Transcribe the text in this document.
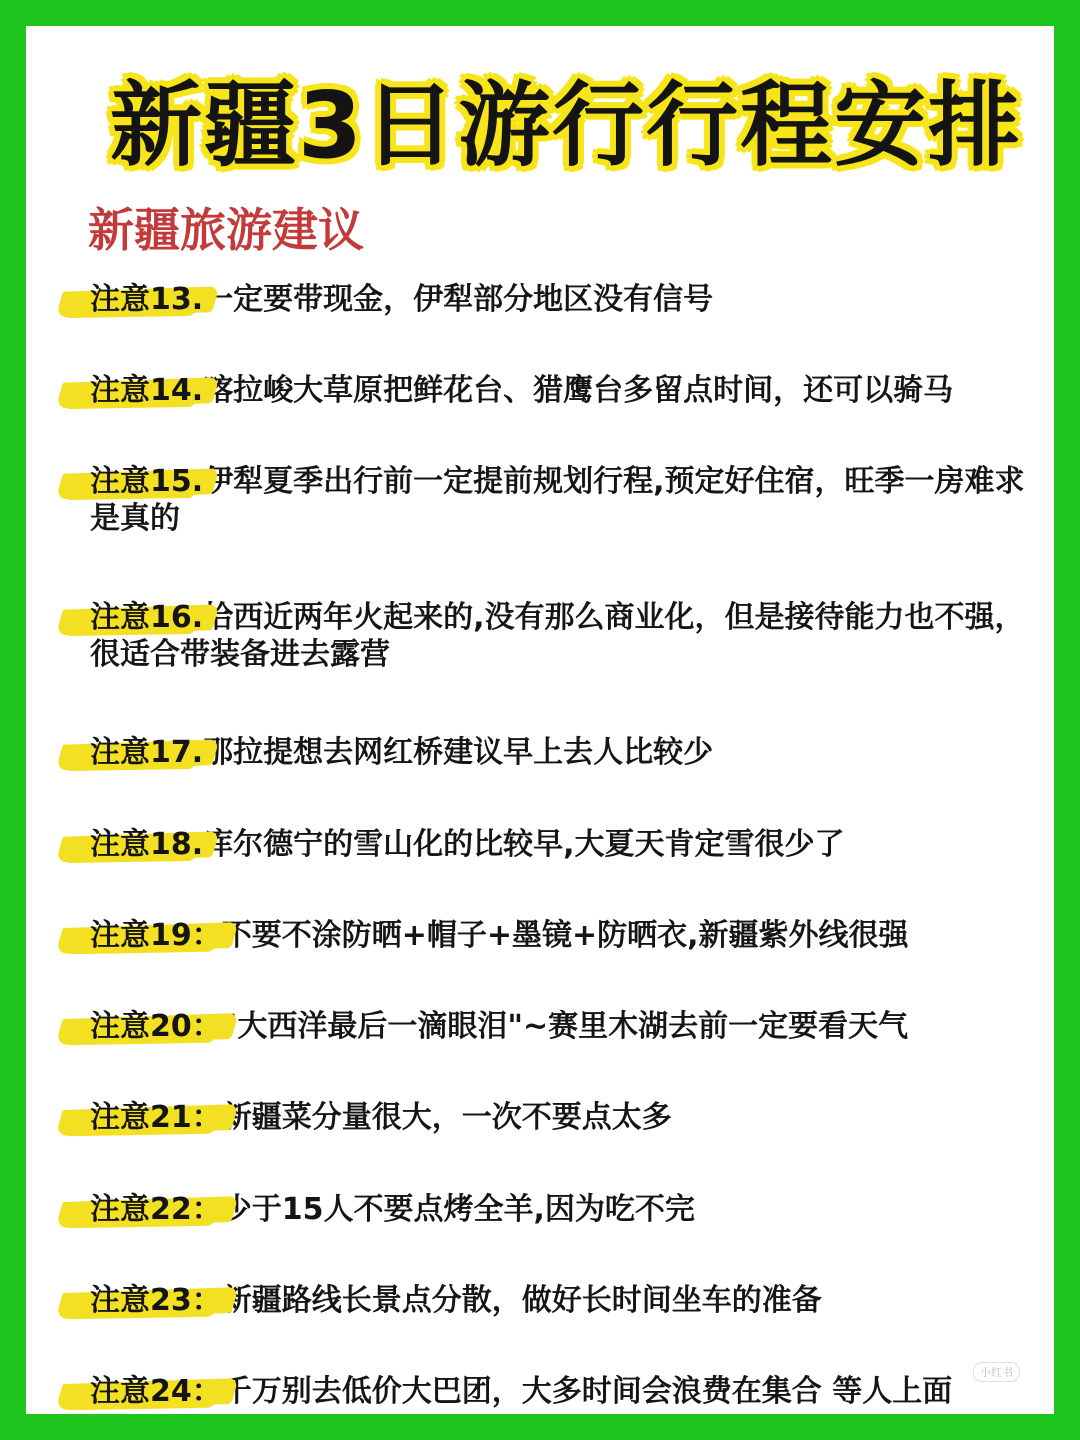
新疆3日游行行程安排
新疆旅游建议
注意13.一定要带现金，伊犁部分地区没有信号
注意14.喀拉峻大草原把鲜花台、猎鹰台多留点时间，还可以骑马
注意15.伊犁夏季出行前一定提前规划行程,预定好住宿，旺季一房难求是真的
注意16.恰西近两年火起来的,没有那么商业化，但是接待能力也不强，很适合带装备进去露营
注意17.那拉提想去网红桥建议早上去人比较少
注意18.库尔德宁的雪山化的比较早,大夏天肯定雪很少了
注意19：不要不涂防晒+帽子+墨镜+防晒衣,新疆紫外线很强
注意20："大西洋最后一滴眼泪"~赛里木湖去前一定要看天气
注意21：新疆菜分量很大，一次不要点太多
注意22：少于15人不要点烤全羊,因为吃不完
注意23：新疆路线长景点分散，做好长时间坐车的准备
注意24：千万别去低价大巴团，大多时间会浪费在集合 等人上面
小红书
